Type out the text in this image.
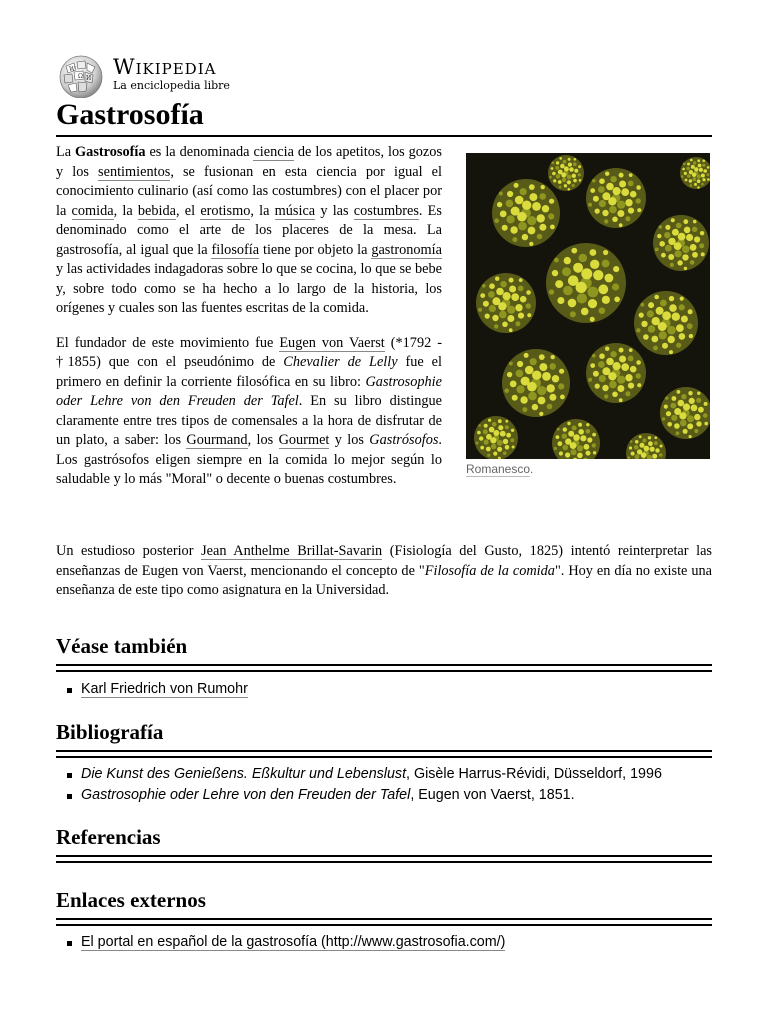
W
Ω И Wikipedia
La enciclopedia libre
Gastrosofía

La Gastrosofía es la denominada ciencia de los apetitos, los gozos y los sentimientos, se fusionan en esta ciencia por igual el conocimiento culinario (así como las costumbres) con el placer por la comida, la bebida, el erotismo, la música y las costumbres. Es denominado como el arte de los placeres de la mesa. La gastrosofía, al igual que la filosofía tiene por objeto la gastronomía y las actividades indagadoras sobre lo que se cocina, lo que se bebe y, sobre todo como se ha hecho a lo largo de la historia, los orígenes y cuales son las fuentes escritas de la comida.

El fundador de este movimiento fue Eugen von Vaerst (*1792 - †1855) que con el pseudónimo de Chevalier de Lelly fue el primero en definir la corriente filosófica en su libro: Gastrosophie oder Lehre von den Freuden der Tafel. En su libro distingue claramente entre tres tipos de comensales a la hora de disfrutar de un plato, a saber: los Gourmand, los Gourmet y los Gastrósofos. Los gastrósofos eligen siempre en la comida lo mejor según lo saludable y lo más "Moral" o decente o buenas costumbres.

Romanesco.

Un estudioso posterior Jean Anthelme Brillat-Savarin (Fisiología del Gusto, 1825) intentó reinterpretar las enseñanzas de Eugen von Vaerst, mencionando el concepto de "Filosofía de la comida". Hoy en día no existe una enseñanza de este tipo como asignatura en la Universidad.

Véase también
Karl Friedrich von Rumohr
Bibliografía
Die Kunst des Genießens. Eßkultur und Lebenslust, Gisèle Harrus-Révidi, Düsseldorf, 1996
Gastrosophie oder Lehre von den Freuden der Tafel, Eugen von Vaerst, 1851.
Referencias
Enlaces externos
El portal en español de la gastrosofía (http://www.gastrosofia.com/)
